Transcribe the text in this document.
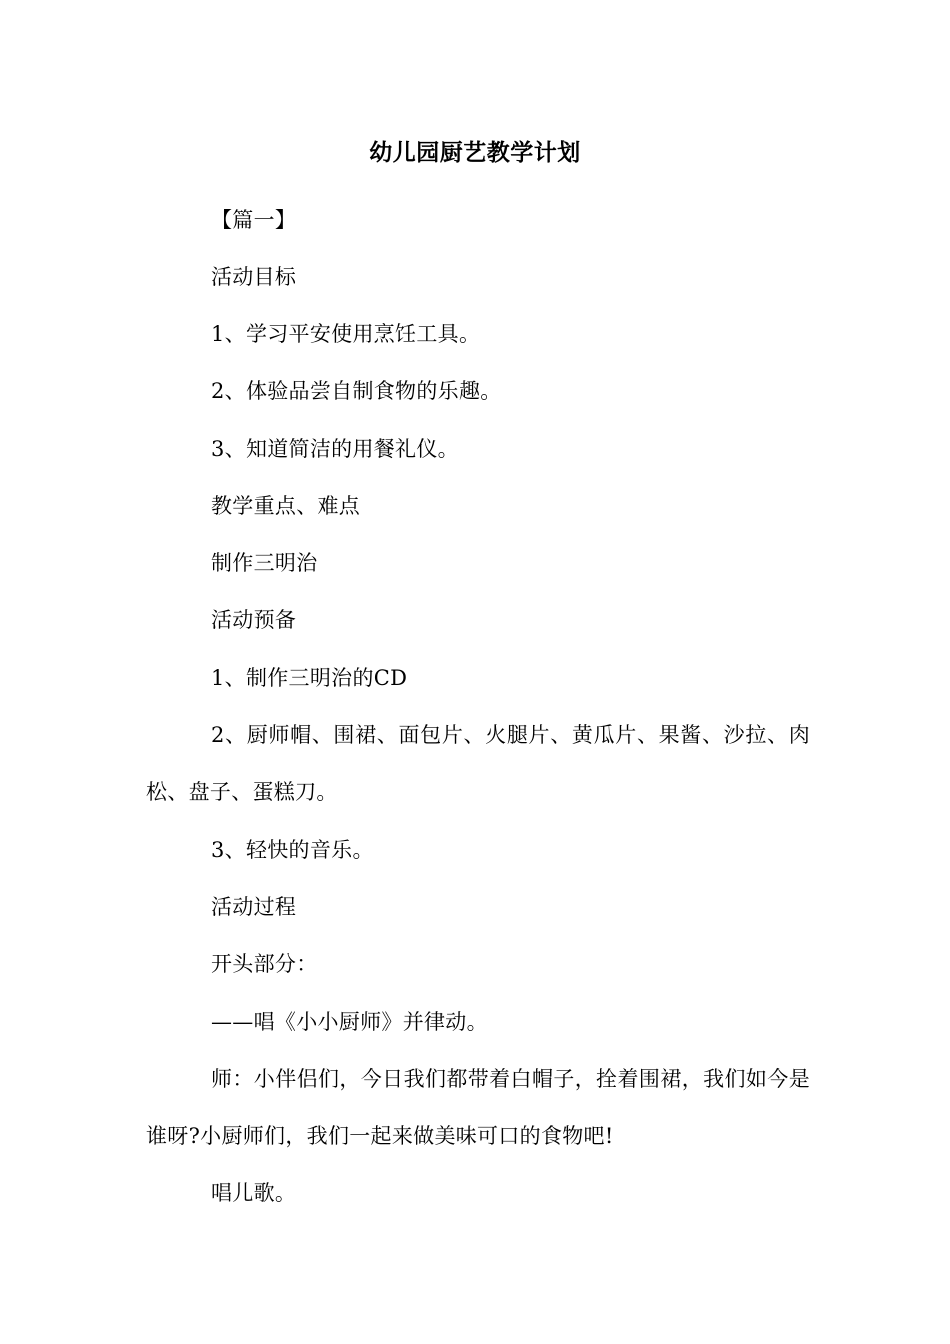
幼儿园厨艺教学计划

【篇一】

活动目标

1、学习平安使用烹饪工具。

2、体验品尝自制食物的乐趣。

3、知道简洁的用餐礼仪。

教学重点、难点

制作三明治

活动预备

1、制作三明治的CD

2、厨师帽、围裙、面包片、火腿片、黄瓜片、果酱、沙拉、肉松、盘子、蛋糕刀。

3、轻快的音乐。

活动过程

开头部分：

——唱《小小厨师》并律动。

师：小伴侣们，今日我们都带着白帽子，拴着围裙，我们如今是谁呀?小厨师们，我们一起来做美味可口的食物吧!

唱儿歌。
